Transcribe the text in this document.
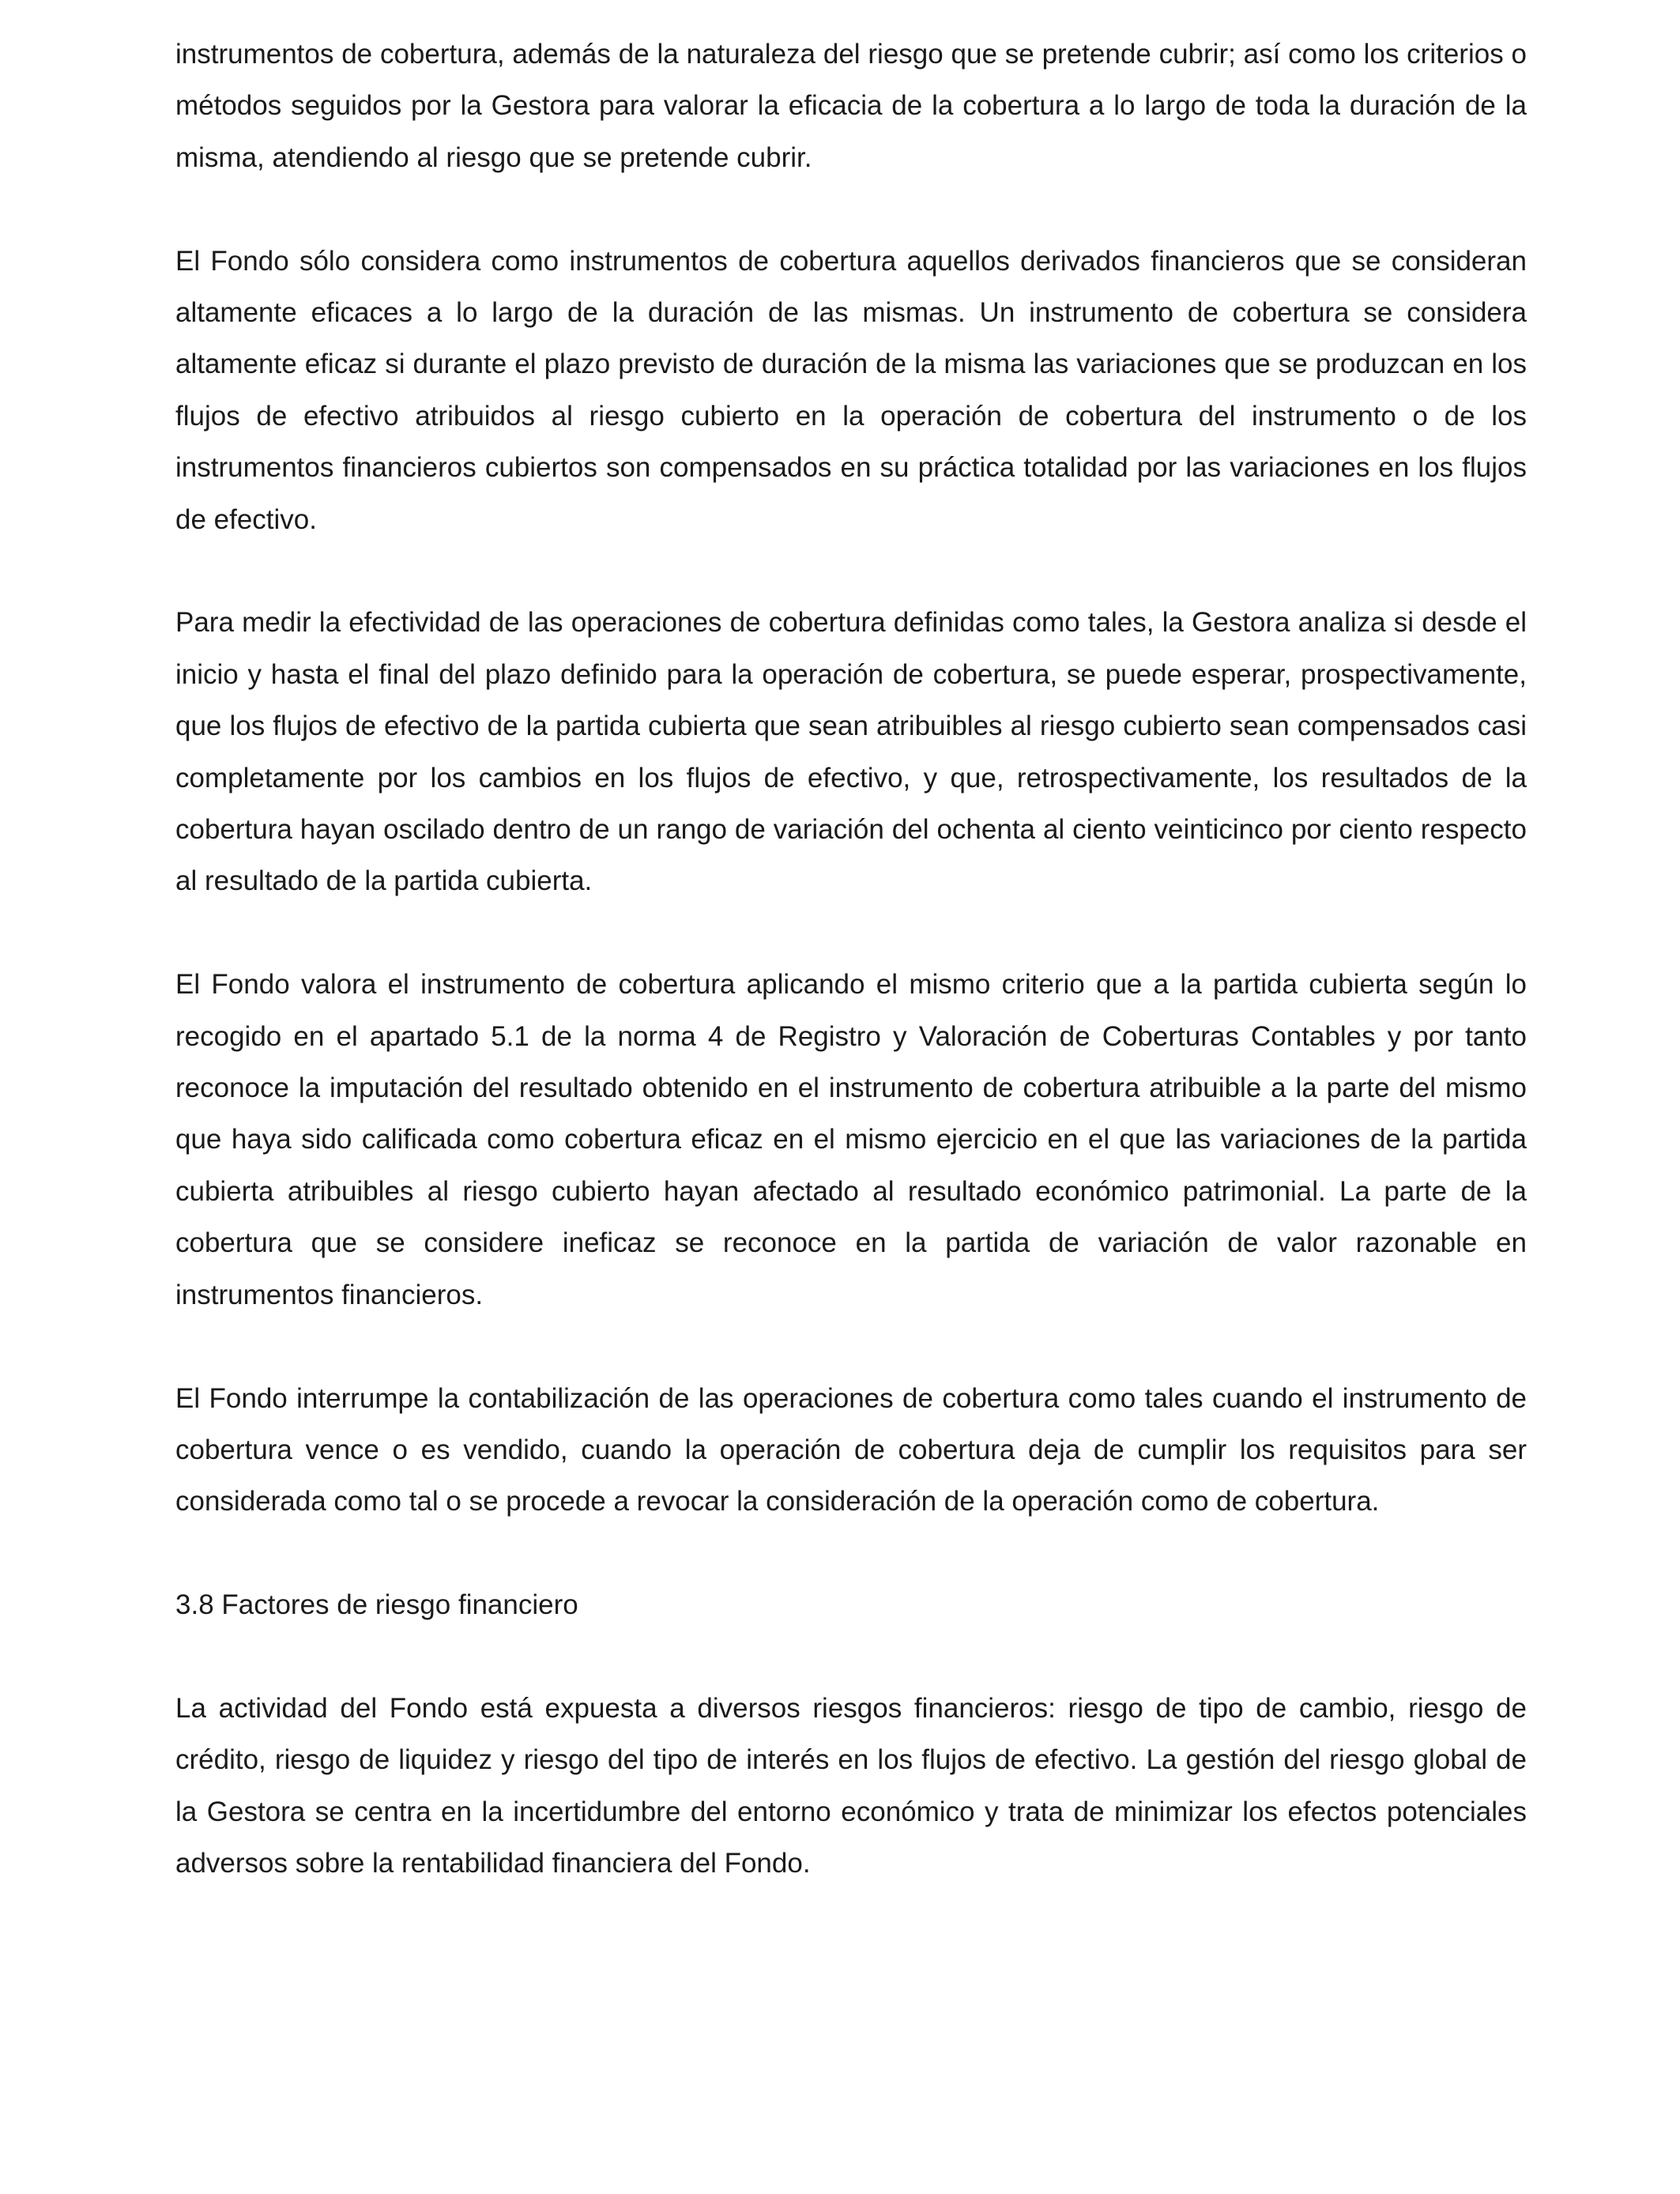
instrumentos de cobertura, además de la naturaleza del riesgo que se pretende cubrir; así como los criterios o métodos seguidos por la Gestora para valorar la eficacia de la cobertura a lo largo de toda la duración de la misma, atendiendo al riesgo que se pretende cubrir.

El Fondo sólo considera como instrumentos de cobertura aquellos derivados financieros que se consideran altamente eficaces a lo largo de la duración de las mismas. Un instrumento de cobertura se considera altamente eficaz si durante el plazo previsto de duración de la misma las variaciones que se produzcan en los flujos de efectivo atribuidos al riesgo cubierto en la operación de cobertura del instrumento o de los instrumentos financieros cubiertos son compensados en su práctica totalidad por las variaciones en los flujos de efectivo.

Para medir la efectividad de las operaciones de cobertura definidas como tales, la Gestora analiza si desde el inicio y hasta el final del plazo definido para la operación de cobertura, se puede esperar, prospectivamente, que los flujos de efectivo de la partida cubierta que sean atribuibles al riesgo cubierto sean compensados casi completamente por los cambios en los flujos de efectivo, y que, retrospectivamente, los resultados de la cobertura hayan oscilado dentro de un rango de variación del ochenta al ciento veinticinco por ciento respecto al resultado de la partida cubierta.

El Fondo valora el instrumento de cobertura aplicando el mismo criterio que a la partida cubierta según lo recogido en el apartado 5.1 de la norma 4 de Registro y Valoración de Coberturas Contables y por tanto reconoce la imputación del resultado obtenido en el instrumento de cobertura atribuible a la parte del mismo que haya sido calificada como cobertura eficaz en el mismo ejercicio en el que las variaciones de la partida cubierta atribuibles al riesgo cubierto hayan afectado al resultado económico patrimonial. La parte de la cobertura que se considere ineficaz se reconoce en la partida de variación de valor razonable en instrumentos financieros.

El Fondo interrumpe la contabilización de las operaciones de cobertura como tales cuando el instrumento de cobertura vence o es vendido, cuando la operación de cobertura deja de cumplir los requisitos para ser considerada como tal o se procede a revocar la consideración de la operación como de cobertura.

3.8 Factores de riesgo financiero

La actividad del Fondo está expuesta a diversos riesgos financieros: riesgo de tipo de cambio, riesgo de crédito, riesgo de liquidez y riesgo del tipo de interés en los flujos de efectivo. La gestión del riesgo global de la Gestora se centra en la incertidumbre del entorno económico y trata de minimizar los efectos potenciales adversos sobre la rentabilidad financiera del Fondo.
